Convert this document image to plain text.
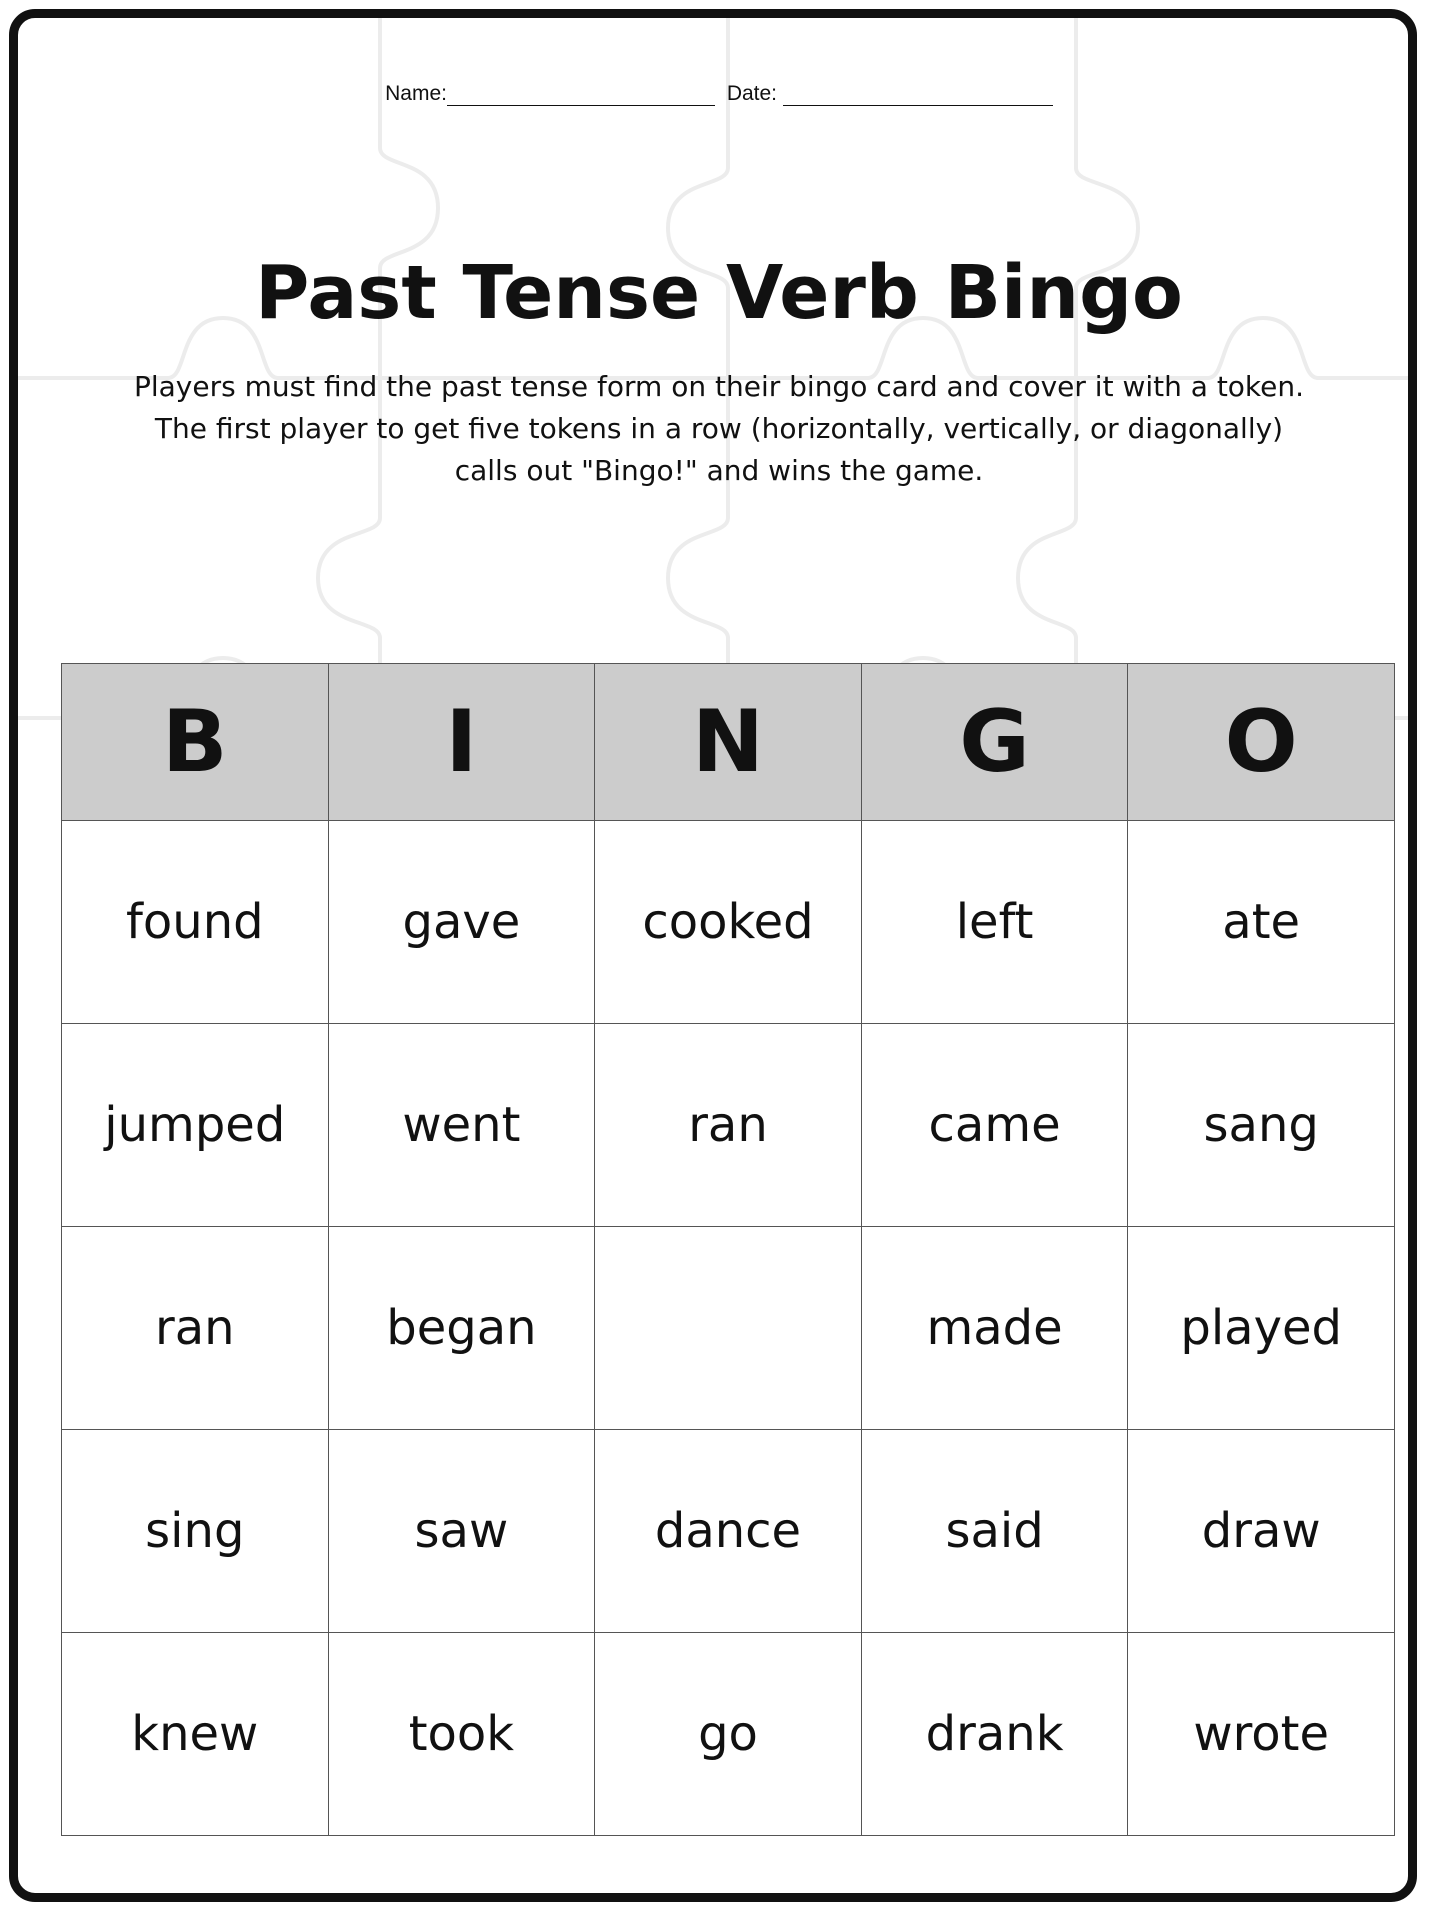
Name:	Date:
Past Tense Verb Bingo
Players must find the past tense form on their bingo card and cover it with a token.
The first player to get five tokens in a row (horizontally, vertically, or diagonally)
calls out "Bingo!" and wins the game.
B	I	N	G	O
found	gave	cooked	left	ate
jumped	went	ran	came	sang
ran	began		made	played
sing	saw	dance	said	draw
knew	took	go	drank	wrote
